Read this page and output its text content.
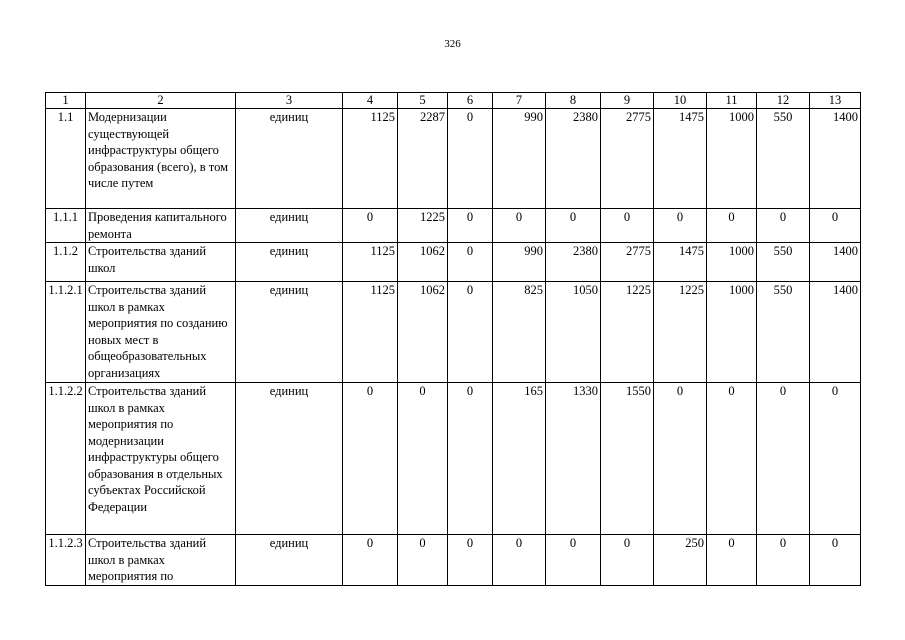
326
1	2	3	4	5	6	7	8	9	10	11	12	13
1.1	Модернизации существующей инфраструктуры общего образования (всего), в том числе путем	единиц	1125	2287	0	990	2380	2775	1475	1000	550	1400
1.1.1	Проведения капитального ремонта	единиц	0	1225	0	0	0	0	0	0	0	0
1.1.2	Строительства зданий школ	единиц	1125	1062	0	990	2380	2775	1475	1000	550	1400
1.1.2.1	Строительства зданий школ в рамках мероприятия по созданию новых мест в общеобразовательных организациях	единиц	1125	1062	0	825	1050	1225	1225	1000	550	1400
1.1.2.2	Строительства зданий школ в рамках мероприятия по модернизации инфраструктуры общего образования в отдельных субъектах Российской Федерации	единиц	0	0	0	165	1330	1550	0	0	0	0
1.1.2.3	Строительства зданий школ в рамках мероприятия по	единиц	0	0	0	0	0	0	250	0	0	0
